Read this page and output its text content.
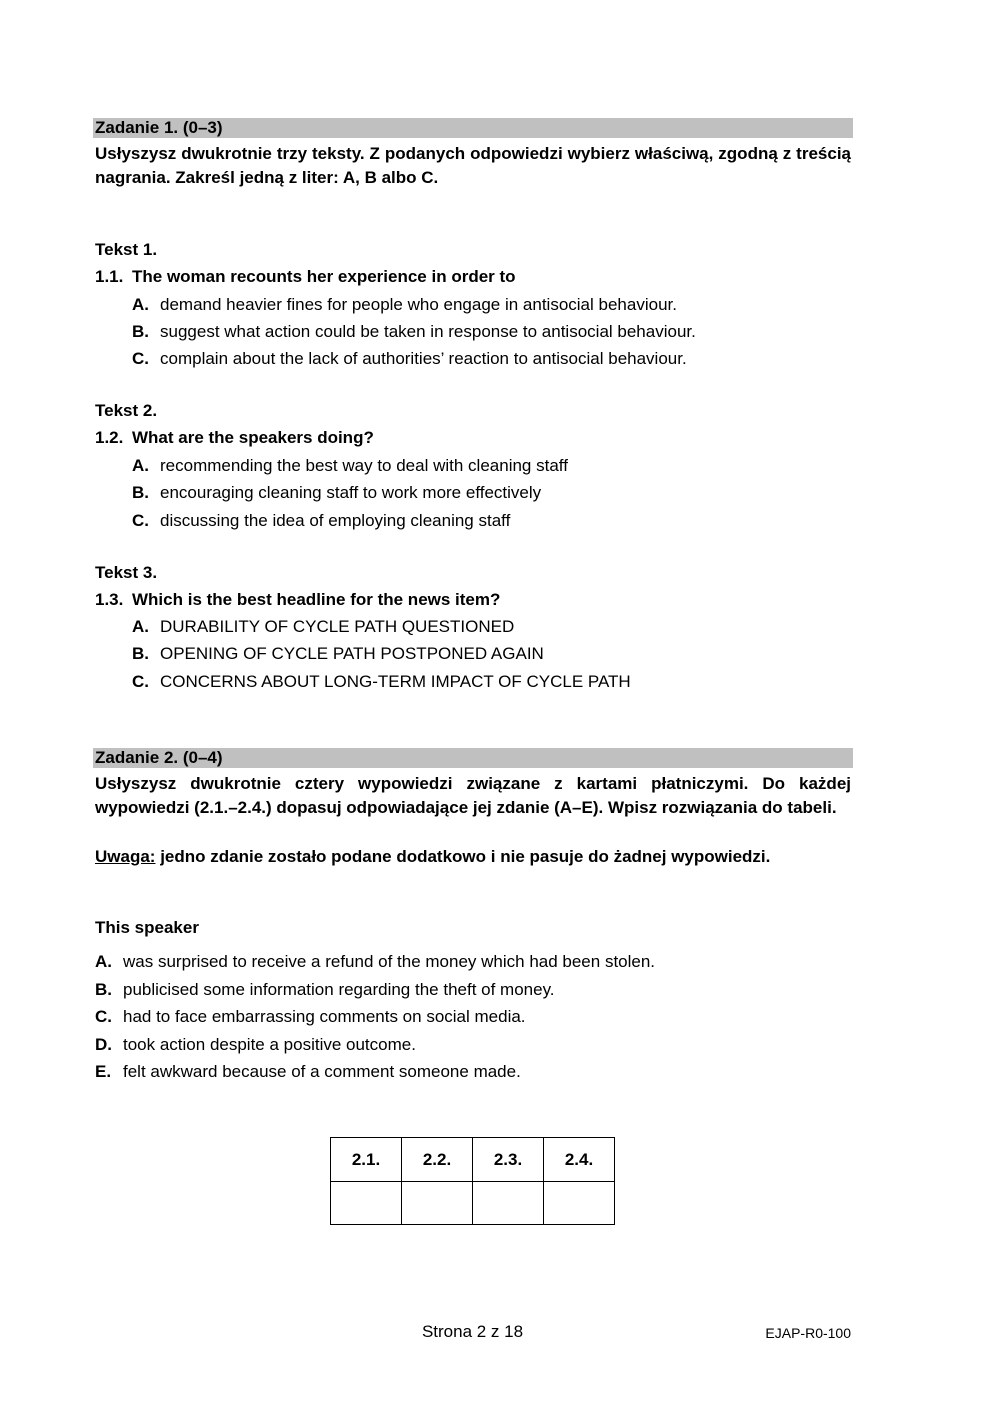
Zadanie 1. (0–3)
Usłyszysz dwukrotnie trzy teksty. Z podanych odpowiedzi wybierz właściwą, zgodną z treścią nagrania. Zakreśl jedną z liter: A, B albo C.
Tekst 1.
1.1. The woman recounts her experience in order to
A. demand heavier fines for people who engage in antisocial behaviour.
B. suggest what action could be taken in response to antisocial behaviour.
C. complain about the lack of authorities’ reaction to antisocial behaviour.
Tekst 2.
1.2. What are the speakers doing?
A. recommending the best way to deal with cleaning staff
B. encouraging cleaning staff to work more effectively
C. discussing the idea of employing cleaning staff
Tekst 3.
1.3. Which is the best headline for the news item?
A. DURABILITY OF CYCLE PATH QUESTIONED
B. OPENING OF CYCLE PATH POSTPONED AGAIN
C. CONCERNS ABOUT LONG-TERM IMPACT OF CYCLE PATH
Zadanie 2. (0–4)
Usłyszysz dwukrotnie cztery wypowiedzi związane z kartami płatniczymi. Do każdej wypowiedzi (2.1.–2.4.) dopasuj odpowiadające jej zdanie (A–E). Wpisz rozwiązania do tabeli.
Uwaga: jedno zdanie zostało podane dodatkowo i nie pasuje do żadnej wypowiedzi.
This speaker
A. was surprised to receive a refund of the money which had been stolen.
B. publicised some information regarding the theft of money.
C. had to face embarrassing comments on social media.
D. took action despite a positive outcome.
E. felt awkward because of a comment someone made.
2.1.	2.2.	2.3.	2.4.

Strona 2 z 18	EJAP-R0-100
